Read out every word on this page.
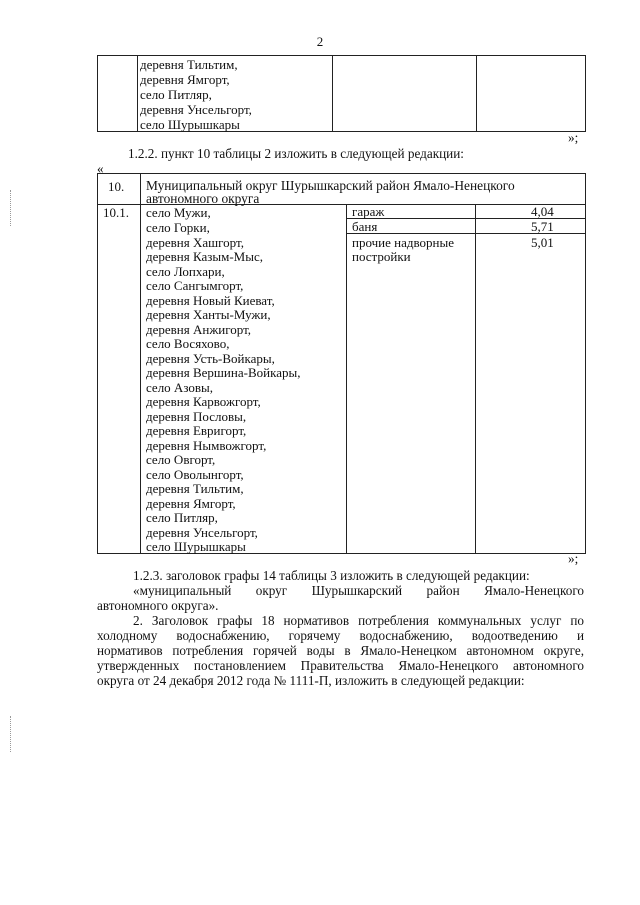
2
деревня Тильтим,
деревня Ямгорт,
село Питляр,
деревня Унсельгорт,
село Шурышкары
»;
1.2.2. пункт 10 таблицы 2 изложить в следующей редакции:
«
10. Муниципальный округ Шурышкарский район Ямало-Ненецкого
автономного округа
10.1. село Мужи,
село Горки,
деревня Хашгорт,
деревня Казым-Мыс,
село Лопхари,
село Сангымгорт,
деревня Новый Киеват,
деревня Ханты-Мужи,
деревня Анжигорт,
село Восяхово,
деревня Усть-Войкары,
деревня Вершина-Войкары,
село Азовы,
деревня Карвожгорт,
деревня Пословы,
деревня Евригорт,
деревня Нымвожгорт,
село Овгорт,
село Оволынгорт,
деревня Тильтим,
деревня Ямгорт,
село Питляр,
деревня Унсельгорт,
село Шурышкары
гараж	4,04
баня	5,71
прочие надворные
постройки
5,01
»;
1.2.3. заголовок графы 14 таблицы 3 изложить в следующей редакции:
«муниципальный округ Шурышкарский район Ямало-Ненецкого
автономного округа».
2. Заголовок графы 18 нормативов потребления коммунальных услуг по
холодному водоснабжению, горячему водоснабжению, водоотведению и
нормативов потребления горячей воды в Ямало-Ненецком автономном округе,
утвержденных постановлением Правительства Ямало-Ненецкого автономного
округа от 24 декабря 2012 года № 1111-П, изложить в следующей редакции:
